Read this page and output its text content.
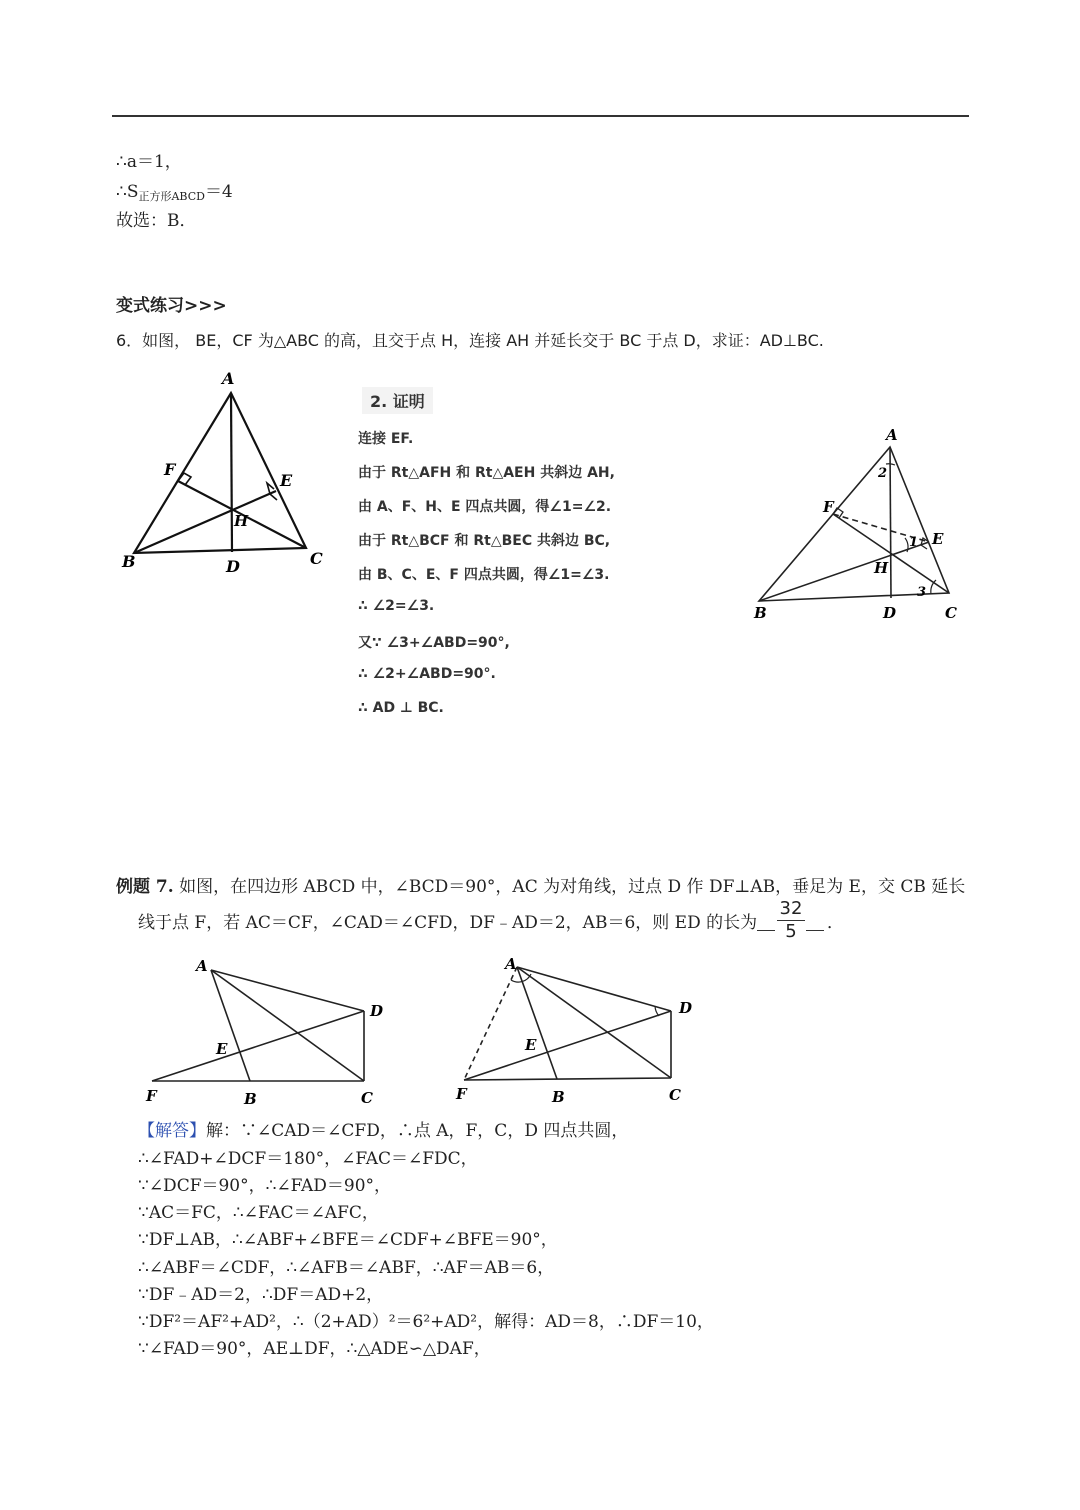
∴a＝1，
∴S正方形ABCD＝4
故选：B．
变式练习>>>
6．如图， BE，CF 为△ABC 的高，且交于点 H，连接 AH 并延长交于 BC 于点 D，求证：AD⊥BC.
A
F
E
H
B	D	C
2. 证明
连接 EF.
由于 Rt△AFH 和 Rt△AEH 共斜边 AH,
由 A、F、H、E 四点共圆，得∠1=∠2.
由于 Rt△BCF 和 Rt△BEC 共斜边 BC,
由 B、C、E、F 四点共圆，得∠1=∠3.
∴ ∠2=∠3.
又∵ ∠3+∠ABD=90°,
∴ ∠2+∠ABD=90°.
∴ AD ⊥ BC.
A
2
F
1 E
H
3
B	D	C
例题 7. 如图，在四边形 ABCD 中，∠BCD＝90°，AC 为对角线，过点 D 作 DF⊥AB，垂足为 E，交 CB 延长
线于点 F，若 AC＝CF，∠CAD＝∠CFD，DF﹣AD＝2，AB＝6，则 ED 的长为 $\frac{32}{5}$ ．
A
D
E
F	B	C
A
D
E
F	B	C
【解答】解：∵∠CAD＝∠CFD，∴点 A，F，C，D 四点共圆，
∴∠FAD+∠DCF＝180°，∠FAC＝∠FDC，
∵∠DCF＝90°，∴∠FAD＝90°，
∵AC＝FC，∴∠FAC＝∠AFC，
∵DF⊥AB，∴∠ABF+∠BFE＝∠CDF+∠BFE＝90°，
∴∠ABF＝∠CDF，∴∠AFB＝∠ABF，∴AF＝AB＝6，
∵DF﹣AD＝2，∴DF＝AD+2，
∵DF²＝AF²+AD²，∴（2+AD）²＝6²+AD²，解得：AD＝8，∴DF＝10，
∵∠FAD＝90°，AE⊥DF，∴△ADE∽△DAF，
